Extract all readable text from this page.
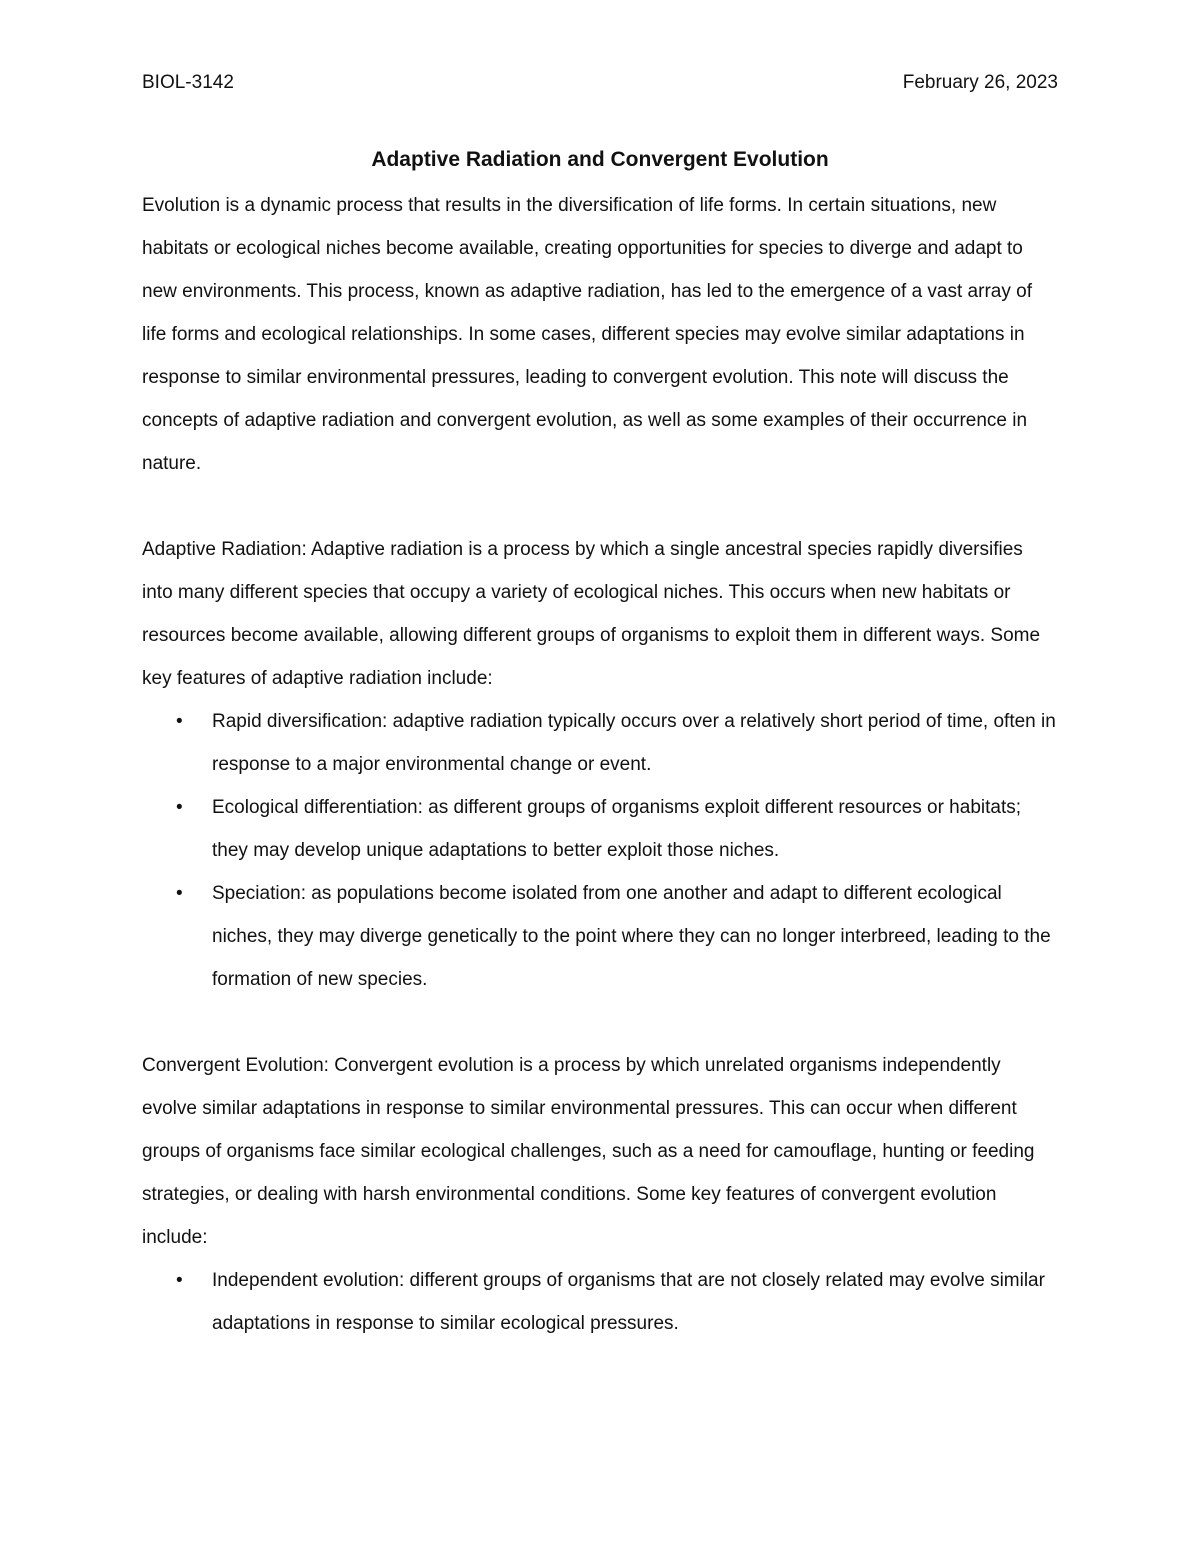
BIOL-3142	February 26, 2023
Adaptive Radiation and Convergent Evolution

Evolution is a dynamic process that results in the diversification of life forms. In certain situations, new habitats or ecological niches become available, creating opportunities for species to diverge and adapt to new environments. This process, known as adaptive radiation, has led to the emergence of a vast array of life forms and ecological relationships. In some cases, different species may evolve similar adaptations in response to similar environmental pressures, leading to convergent evolution. This note will discuss the concepts of adaptive radiation and convergent evolution, as well as some examples of their occurrence in nature.

Adaptive Radiation: Adaptive radiation is a process by which a single ancestral species rapidly diversifies into many different species that occupy a variety of ecological niches. This occurs when new habitats or resources become available, allowing different groups of organisms to exploit them in different ways. Some key features of adaptive radiation include:

• Rapid diversification: adaptive radiation typically occurs over a relatively short period of time, often in response to a major environmental change or event.
• Ecological differentiation: as different groups of organisms exploit different resources or habitats; they may develop unique adaptations to better exploit those niches.
• Speciation: as populations become isolated from one another and adapt to different ecological niches, they may diverge genetically to the point where they can no longer interbreed, leading to the formation of new species.

Convergent Evolution: Convergent evolution is a process by which unrelated organisms independently evolve similar adaptations in response to similar environmental pressures. This can occur when different groups of organisms face similar ecological challenges, such as a need for camouflage, hunting or feeding strategies, or dealing with harsh environmental conditions. Some key features of convergent evolution include:

• Independent evolution: different groups of organisms that are not closely related may evolve similar adaptations in response to similar ecological pressures.
